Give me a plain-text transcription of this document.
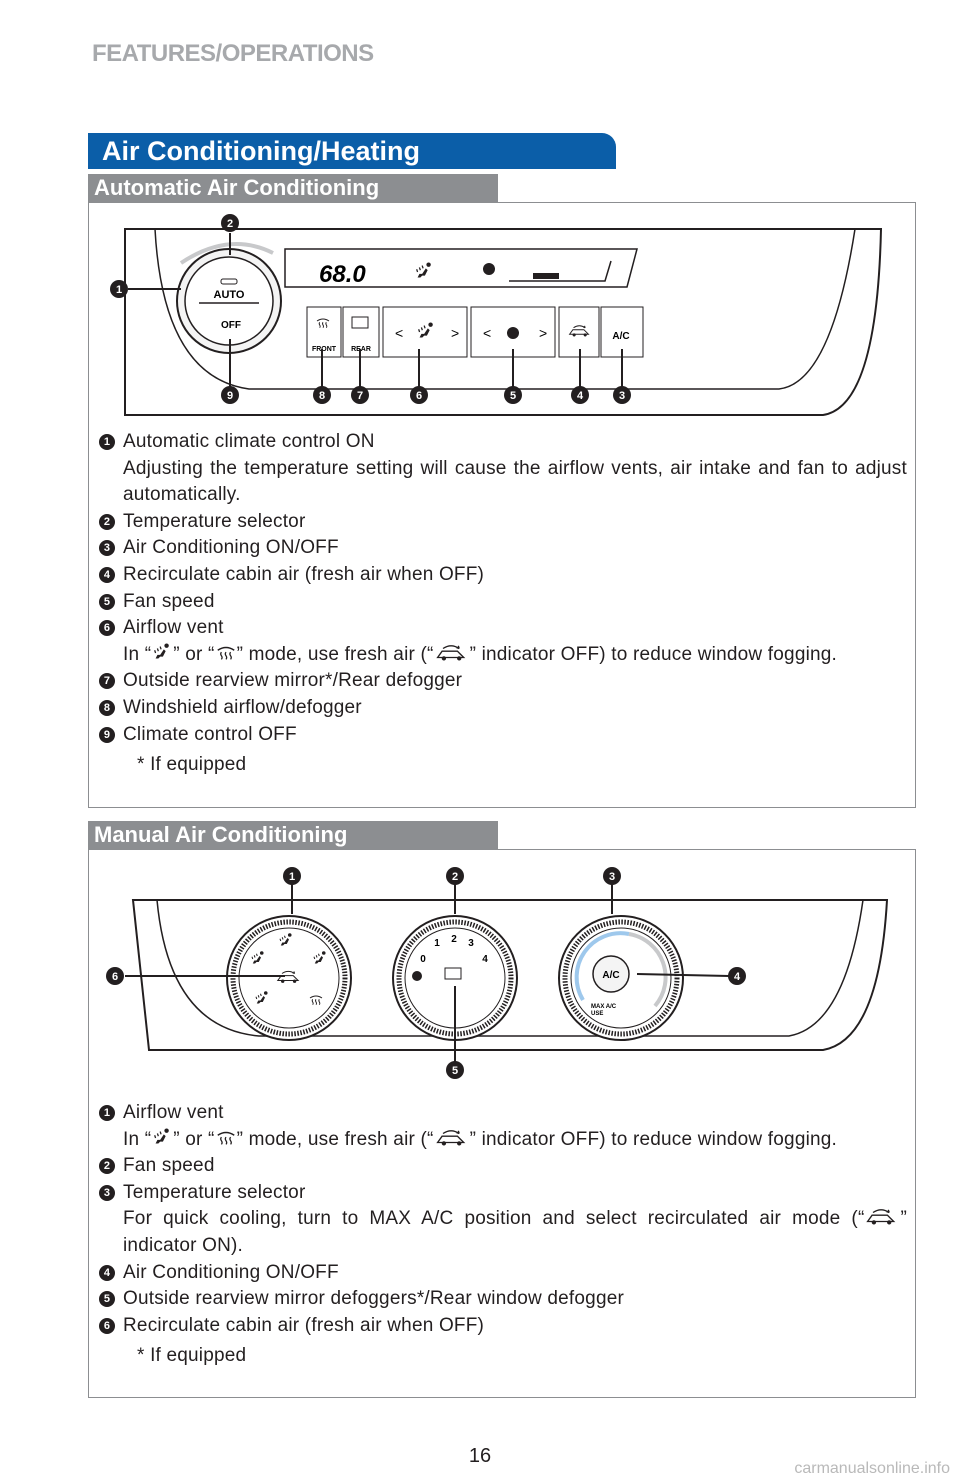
FEATURES/OPERATIONS
Air Conditioning/Heating
Automatic Air Conditioning
AUTO
OFF
68.0
FRONT REAR
<	> <	>	A/C
1
2
3
4
5
6
7
8
9
1 Automatic climate control ON
Adjusting the temperature setting will cause the airflow vents, air intake and fan to adjust automatically.
2 Temperature selector
3 Air Conditioning ON/OFF
4 Recirculate cabin air (fresh air when OFF)
5 Fan speed
6 Airflow vent
In “ ” or “ ” mode, use fresh air (“ ” indicator OFF) to reduce window fogging.
7 Outside rearview mirror*/Rear defogger
8 Windshield airflow/defogger
9 Climate control OFF
* If equipped
Manual Air Conditioning
0
1 2 3
4
A/C
MAX A/C
USE
1	2	3
4
5
6
1 Airflow vent
In “ ” or “ ” mode, use fresh air (“ ” indicator OFF) to reduce window fogging.
2 Fan speed
3 Temperature selector
For quick cooling, turn to MAX A/C position and select recirculated air mode (“ ” indicator ON).
4 Air Conditioning ON/OFF
5 Outside rearview mirror defoggers*/Rear window defogger
6 Recirculate cabin air (fresh air when OFF)
* If equipped
16
carmanualsonline.info
